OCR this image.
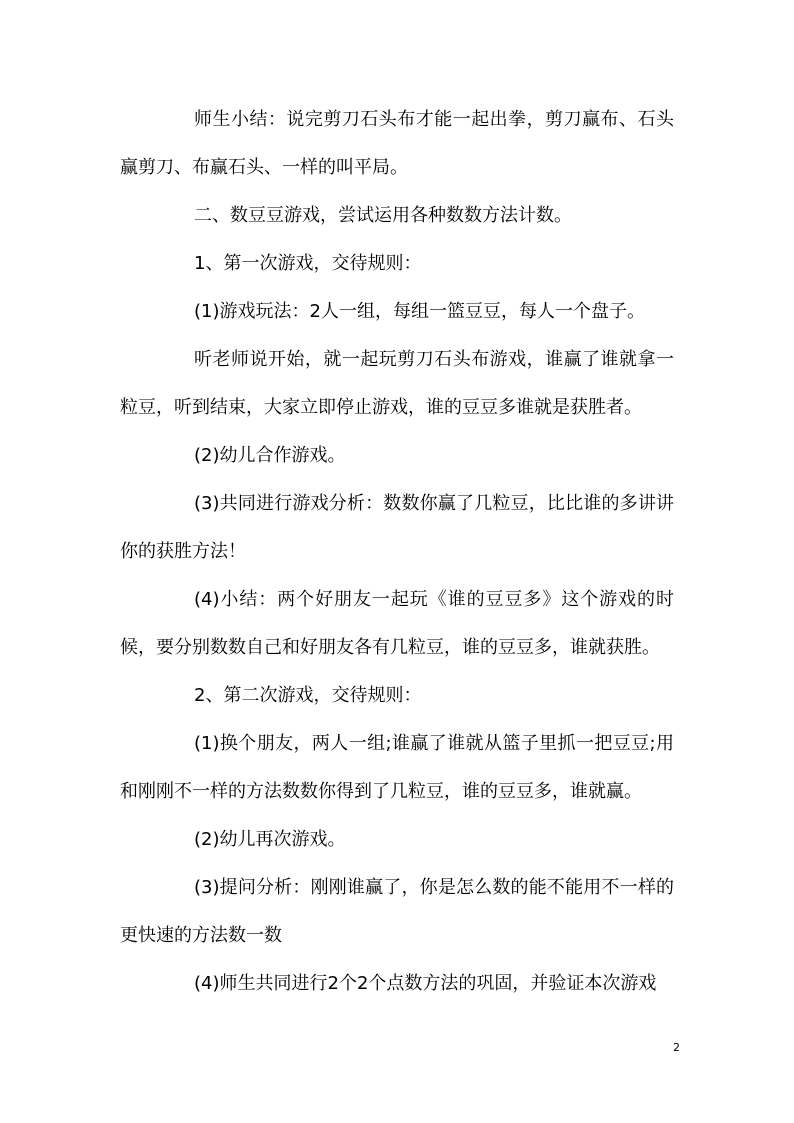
师生小结：说完剪刀石头布才能一起出拳，剪刀赢布、石头赢剪刀、布赢石头、一样的叫平局。

二、数豆豆游戏，尝试运用各种数数方法计数。

1、第一次游戏，交待规则：

(1)游戏玩法：2人一组，每组一篮豆豆，每人一个盘子。

听老师说开始，就一起玩剪刀石头布游戏，谁赢了谁就拿一粒豆，听到结束，大家立即停止游戏，谁的豆豆多谁就是获胜者。

(2)幼儿合作游戏。

(3)共同进行游戏分析：数数你赢了几粒豆，比比谁的多讲讲你的获胜方法！

(4)小结：两个好朋友一起玩《谁的豆豆多》这个游戏的时候，要分别数数自己和好朋友各有几粒豆，谁的豆豆多，谁就获胜。

2、第二次游戏，交待规则：

(1)换个朋友，两人一组;谁赢了谁就从篮子里抓一把豆豆;用和刚刚不一样的方法数数你得到了几粒豆，谁的豆豆多，谁就赢。

(2)幼儿再次游戏。

(3)提问分析：刚刚谁赢了，你是怎么数的能不能用不一样的更快速的方法数一数

(4)师生共同进行2个2个点数方法的巩固，并验证本次游戏

2
